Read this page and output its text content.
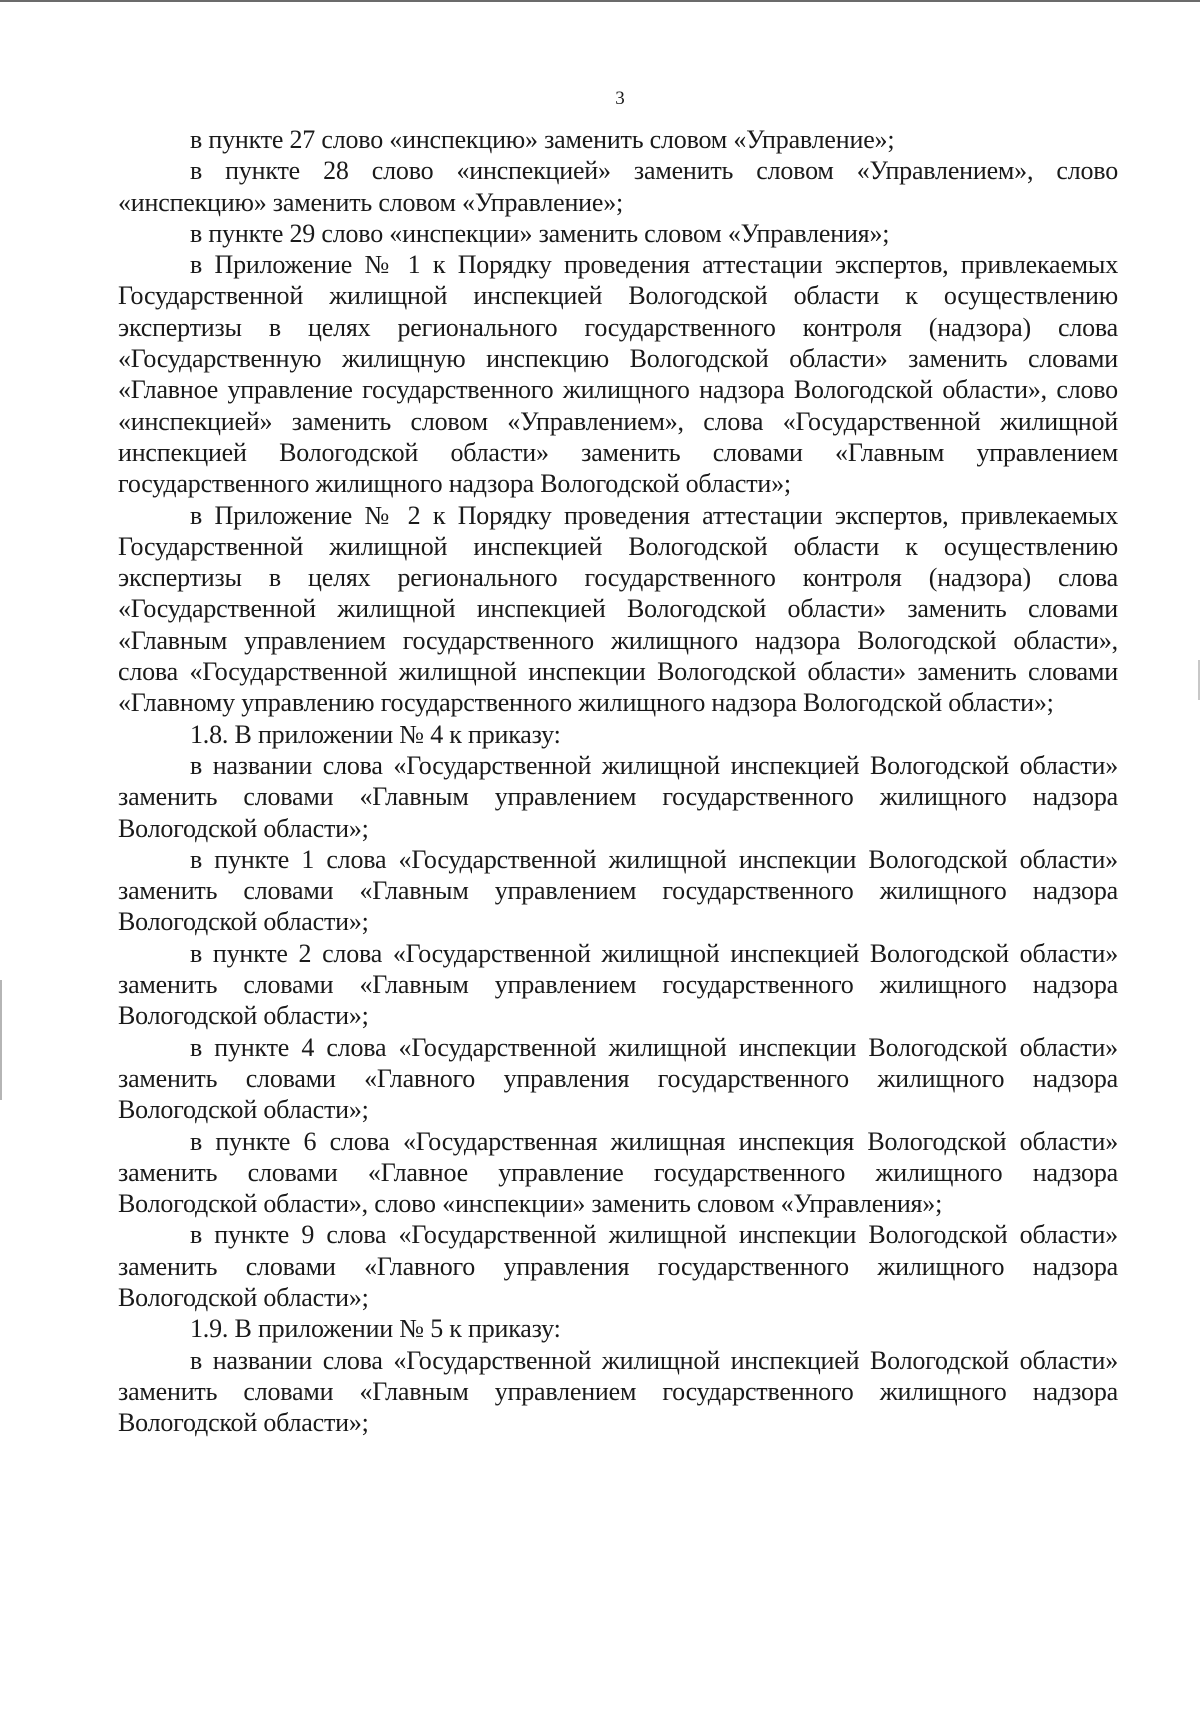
3

в пункте 27 слово «инспекцию» заменить словом «Управление»;

в пункте 28 слово «инспекцией» заменить словом «Управлением», слово «инспекцию» заменить словом «Управление»;

в пункте 29 слово «инспекции» заменить словом «Управления»;

в Приложение № 1 к Порядку проведения аттестации экспертов, привлекаемых Государственной жилищной инспекцией Вологодской области к осуществлению экспертизы в целях регионального государственного контроля (надзора) слова «Государственную жилищную инспекцию Вологодской области» заменить словами «Главное управление государственного жилищного надзора Вологодской области», слово «инспекцией» заменить словом «Управлением», слова «Государственной жилищной инспекцией Вологодской области» заменить словами «Главным управлением государственного жилищного надзора Вологодской области»;

в Приложение № 2 к Порядку проведения аттестации экспертов, привлекаемых Государственной жилищной инспекцией Вологодской области к осуществлению экспертизы в целях регионального государственного контроля (надзора) слова «Государственной жилищной инспекцией Вологодской области» заменить словами «Главным управлением государственного жилищного надзора Вологодской области», слова «Государственной жилищной инспекции Вологодской области» заменить словами «Главному управлению государственного жилищного надзора Вологодской области»;

1.8. В приложении № 4 к приказу:

в названии слова «Государственной жилищной инспекцией Вологодской области» заменить словами «Главным управлением государственного жилищного надзора Вологодской области»;

в пункте 1 слова «Государственной жилищной инспекции Вологодской области» заменить словами «Главным управлением государственного жилищного надзора Вологодской области»;

в пункте 2 слова «Государственной жилищной инспекцией Вологодской области» заменить словами «Главным управлением государственного жилищного надзора Вологодской области»;

в пункте 4 слова «Государственной жилищной инспекции Вологодской области» заменить словами «Главного управления государственного жилищного надзора Вологодской области»;

в пункте 6 слова «Государственная жилищная инспекция Вологодской области» заменить словами «Главное управление государственного жилищного надзора Вологодской области», слово «инспекции» заменить словом «Управления»;

в пункте 9 слова «Государственной жилищной инспекции Вологодской области» заменить словами «Главного управления государственного жилищного надзора Вологодской области»;

1.9. В приложении № 5 к приказу:

в названии слова «Государственной жилищной инспекцией Вологодской области» заменить словами «Главным управлением государственного жилищного надзора Вологодской области»;
